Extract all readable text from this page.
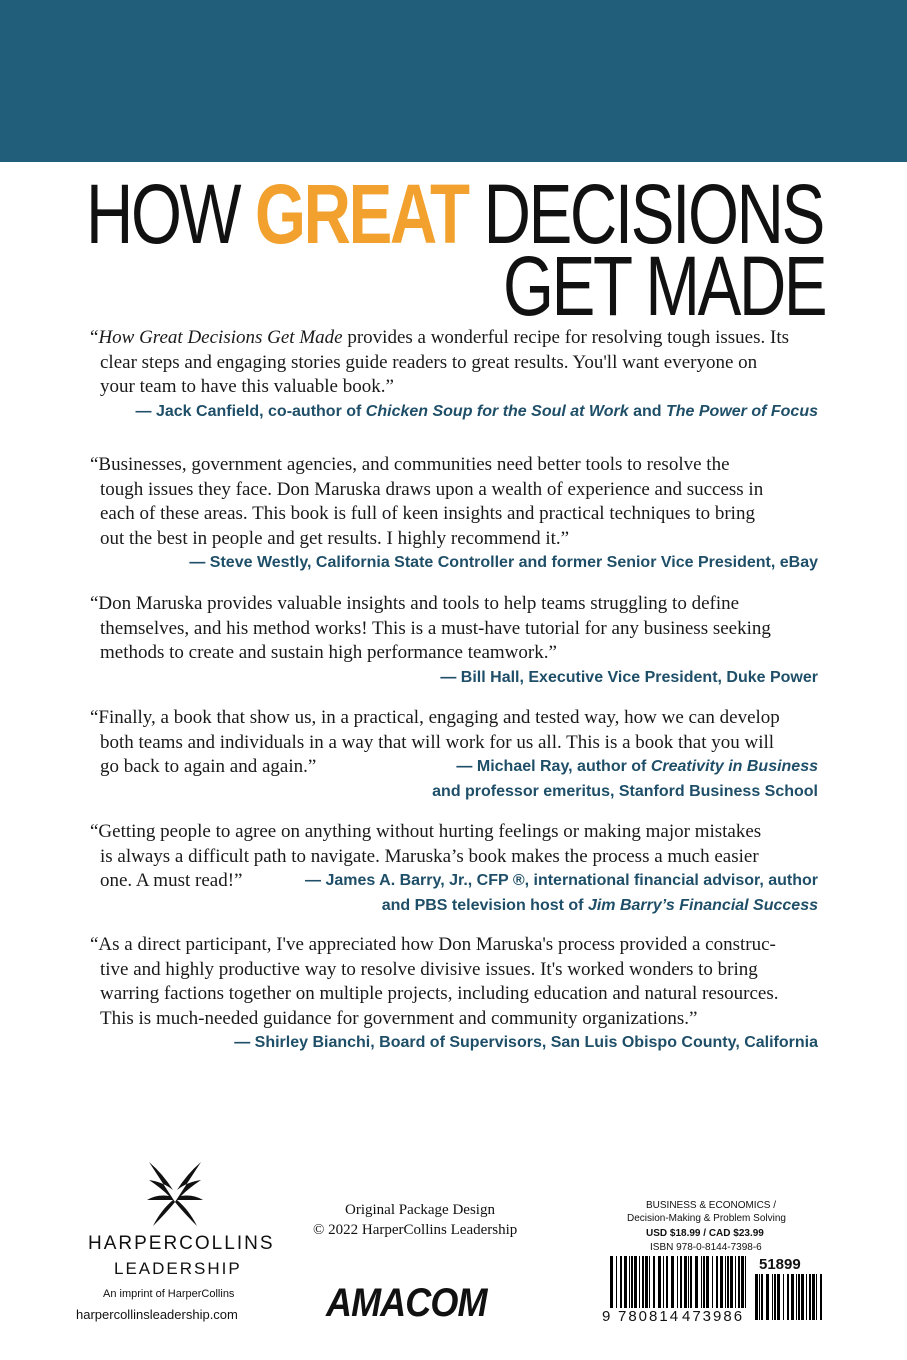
HOW GREAT DECISIONS
GET MADE

“How Great Decisions Get Made provides a wonderful recipe for resolving tough issues. Its

clear steps and engaging stories guide readers to great results. You'll want everyone on

your team to have this valuable book.”

— Jack Canfield, co-author of Chicken Soup for the Soul at Work and The Power of Focus

“Businesses, government agencies, and communities need better tools to resolve the

tough issues they face. Don Maruska draws upon a wealth of experience and success in

each of these areas. This book is full of keen insights and practical techniques to bring

out the best in people and get results. I highly recommend it.”

— Steve Westly, California State Controller and former Senior Vice President, eBay

“Don Maruska provides valuable insights and tools to help teams struggling to define

themselves, and his method works! This is a must-have tutorial for any business seeking

methods to create and sustain high performance teamwork.”

— Bill Hall, Executive Vice President, Duke Power

“Finally, a book that show us, in a practical, engaging and tested way, how we can develop

both teams and individuals in a way that will work for us all. This is a book that you will

go back to again and again.”	— Michael Ray, author of Creativity in Business

and professor emeritus, Stanford Business School

“Getting people to agree on anything without hurting feelings or making major mistakes

is always a difficult path to navigate. Maruska’s book makes the process a much easier

one. A must read!”	— James A. Barry, Jr., CFP ®, international financial advisor, author

and PBS television host of Jim Barry’s Financial Success

“As a direct participant, I've appreciated how Don Maruska's process provided a construc-

tive and highly productive way to resolve divisive issues. It's worked wonders to bring

warring factions together on multiple projects, including education and natural resources.

This is much-needed guidance for government and community organizations.”

— Shirley Bianchi, Board of Supervisors, San Luis Obispo County, California

HARPERCOLLINS
LEADERSHIP
An imprint of HarperCollins
harpercollinsleadership.com
Original Package Design
© 2022 HarperCollins Leadership
AMACOM
BUSINESS & ECONOMICS /
Decision-Making & Problem Solving
USD $18.99 / CAD $23.99
ISBN 978-0-8144-7398-6
51899
9 780814 473986
